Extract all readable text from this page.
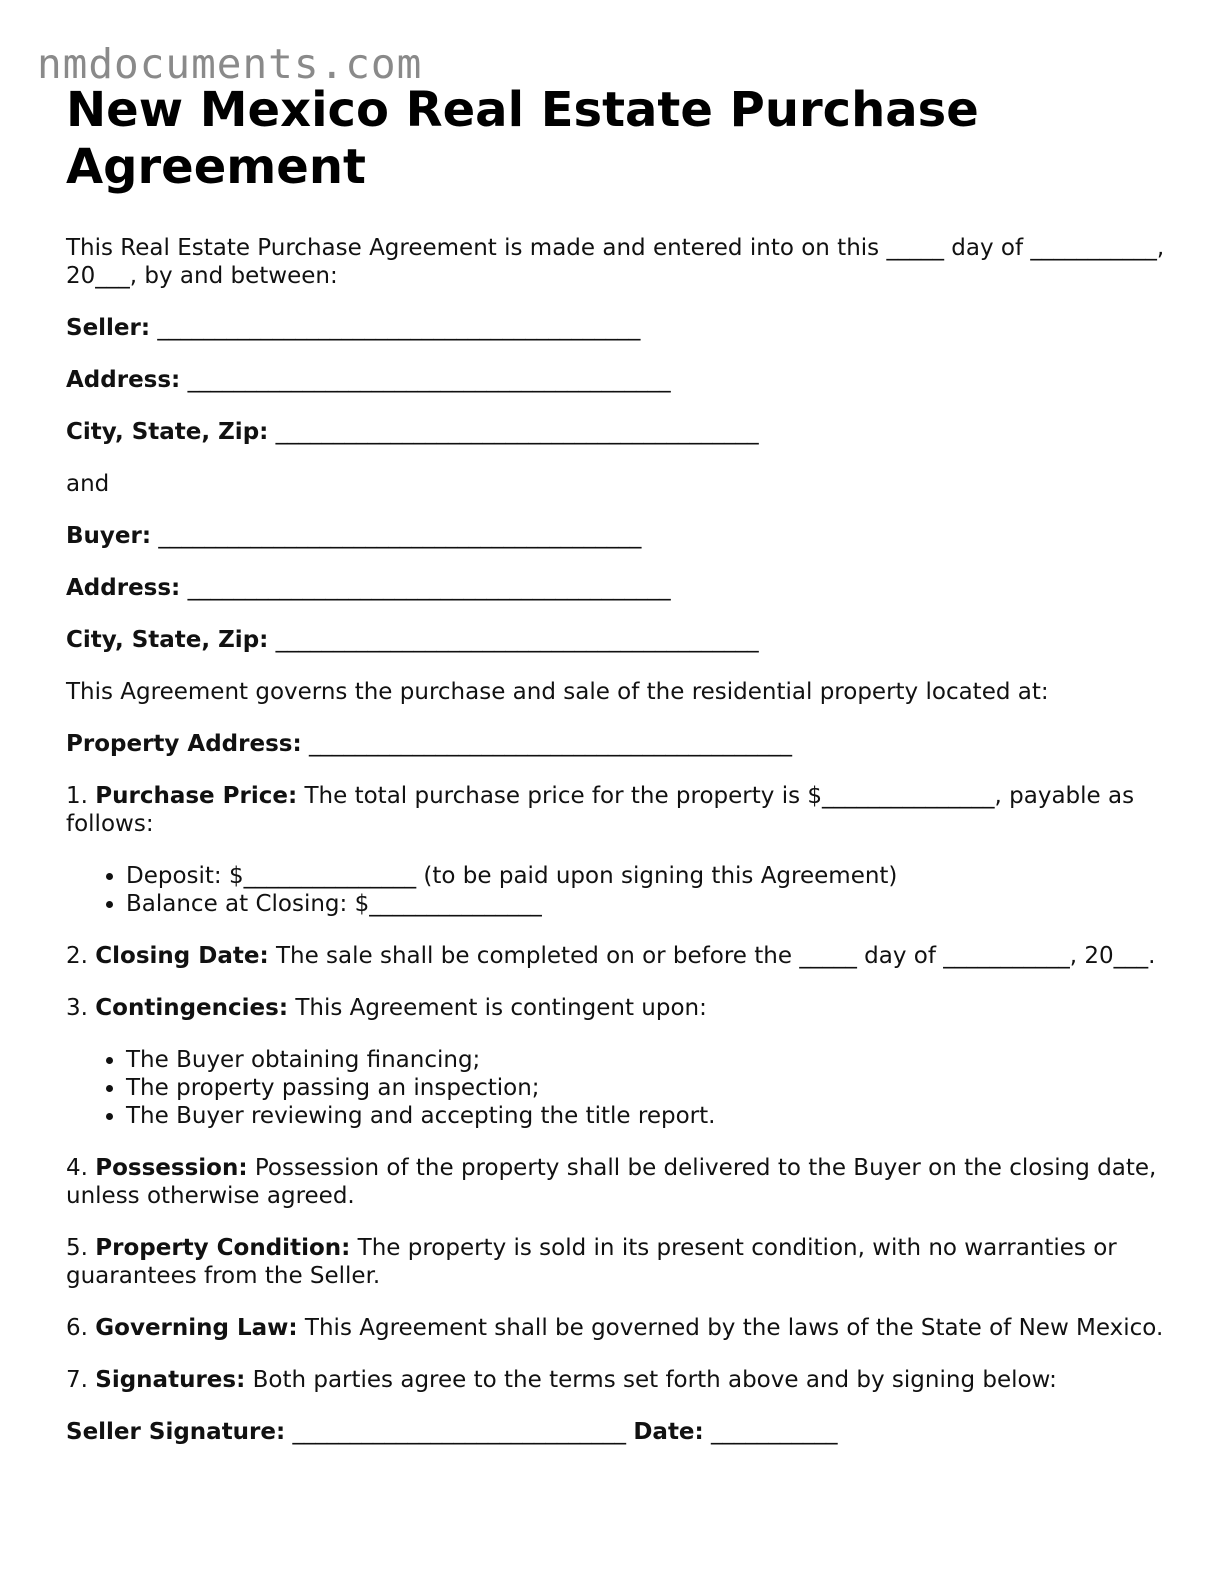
nmdocuments.com
New Mexico Real Estate Purchase Agreement

This Real Estate Purchase Agreement is made and entered into on this _____ day of ___________, 20___, by and between:

Seller: __________________________________________

Address: __________________________________________

City, State, Zip: __________________________________________

and

Buyer: __________________________________________

Address: __________________________________________

City, State, Zip: __________________________________________

This Agreement governs the purchase and sale of the residential property located at:

Property Address: __________________________________________

1. Purchase Price: The total purchase price for the property is $_______________, payable as follows:

• Deposit: $_______________ (to be paid upon signing this Agreement)
• Balance at Closing: $_______________

2. Closing Date: The sale shall be completed on or before the _____ day of ___________, 20___.

3. Contingencies: This Agreement is contingent upon:

• The Buyer obtaining financing;
• The property passing an inspection;
• The Buyer reviewing and accepting the title report.

4. Possession: Possession of the property shall be delivered to the Buyer on the closing date, unless otherwise agreed.

5. Property Condition: The property is sold in its present condition, with no warranties or guarantees from the Seller.

6. Governing Law: This Agreement shall be governed by the laws of the State of New Mexico.

7. Signatures: Both parties agree to the terms set forth above and by signing below:

Seller Signature: _____________________________ Date: ___________
